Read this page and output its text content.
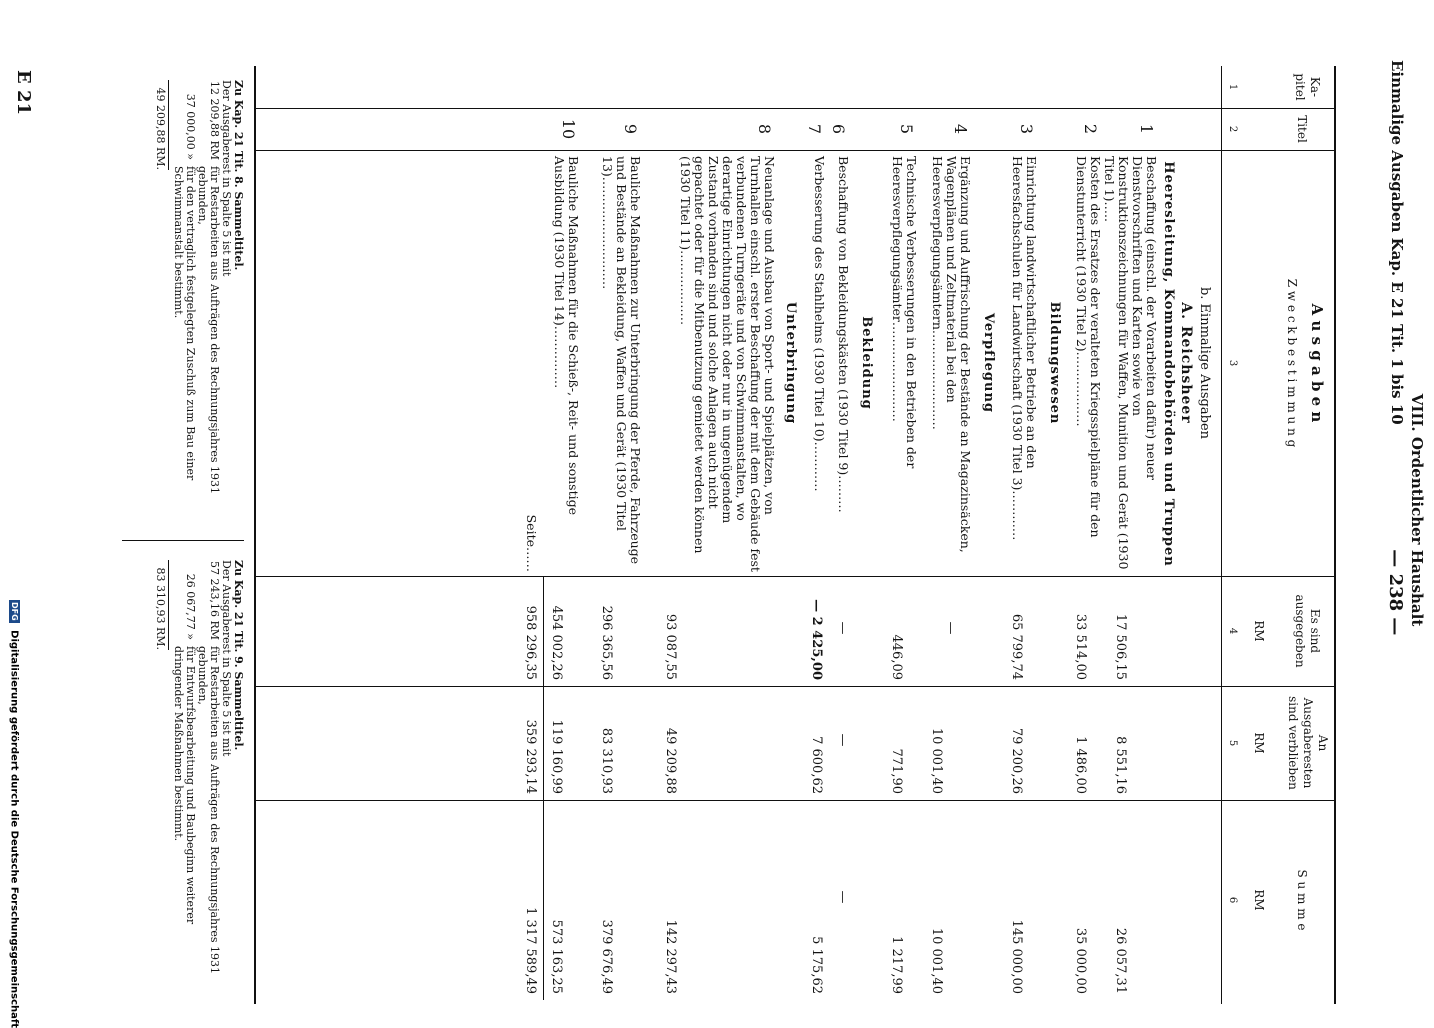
VIII. Ordentlicher Haushalt
Einmalige Ausgaben Kap. E 21 Tit. 1 bis 10
— 238 —
E 21	Ka-
pitel
Titel
A u s g a b e n
Z w e c k b e s t i m m u n g
Es sind
ausgegeben
An
Ausgaberesten
sind verblieben
S u m m e
RM
RM
RM
1
2
3
4
5
6
b. Einmalige Ausgaben
A. Reichsheer
Heeresleitung, Kommandobehörden und Truppen
1
Beschaffung (einschl. der Vorarbeiten dafür) neuer Dienstvorschriften und Karten sowie von Konstruktionszeichnungen für Waffen, Munition und Gerät (1930 Titel 1)…..
17 506,15
8 551,16
26 057,31
2
Kosten des Ersatzes der veralteten Kriegsspielpläne für den Dienstunterricht (1930 Titel 2)………………
33 514,00
1 486,00
35 000,00
Bildungswesen
3
Einrichtung landwirtschaftlicher Betriebe an den Heeresfachschulen für Landwirtschaft (1930 Titel 3)…………
65 799,74
79 200,26
145 000,00
Verpflegung
4
Ergänzung und Auffrischung der Bestände an Magazinsäcken, Wagenplänen und Zeltmaterial bei den Heeresverpflegungsämtern……………………
—
10 001,40
10 001,40
5
Technische Verbesserungen in den Betrieben der Heeresverpflegungsämter……………………
446,09
771,90
1 217,99
Bekleidung
6
Beschaffung von Bekleidungskästen (1930 Titel 9)………
—
—
—
7
Verbesserung des Stahlhelms (1930 Titel 10)…………
— 2 425,00
7 600,62
5 175,62
Unterbringung
8
Neuanlage und Ausbau von Sport- und Spielplätzen, von Turnhallen einschl. erster Beschaffung der mit dem Gebäude fest verbundenen Turngeräte und von Schwimmanstalten, wo derartige Einrichtungen nicht oder nur in ungenügendem Zustand vorhanden sind und solche Anlagen auch nicht gepachtet oder für die Mitbenutzung gemietet werden können (1930 Titel 11)………………
93 087,55
49 209,88
142 297,43
9
Bauliche Maßnahmen zur Unterbringung der Pferde, Fahrzeuge und Bestände an Bekleidung, Waffen und Gerät (1930 Titel 13)………………………
296 365,56
83 310,93
379 676,49
10
Bauliche Maßnahmen für die Schieß-, Reit- und sonstige Ausbildung (1930 Titel 14)……………
454 002,26
119 160,99
573 163,25
Seite……
958 296,35
359 293,14
1 317 589,49
Zu Kap. 21 Tit. 8. Sammeltitel.
Der Ausgaberest in Spalte 5 ist mit
12 209,88 RM
für Restarbeiten aus Aufträgen des Rechnungsjahres 1931 gebunden,
37 000,00 »
für den vertraglich festgelegten Zuschuß zum Bau einer Schwimmanstalt bestimmt.
49 209,88 RM.
Zu Kap. 21 Tit. 9. Sammeltitel.
Der Ausgaberest in Spalte 5 ist mit
57 243,16 RM
für Restarbeiten aus Aufträgen des Rechnungsjahres 1931 gebunden,
26 067,77 »
für Entwurfsbearbeitung und Baubeginn weiterer dringender Maßnahmen bestimmt.
83 310,93 RM.
DFG Digitalisierung gefördert durch die Deutsche Forschungsgemeinschaft
